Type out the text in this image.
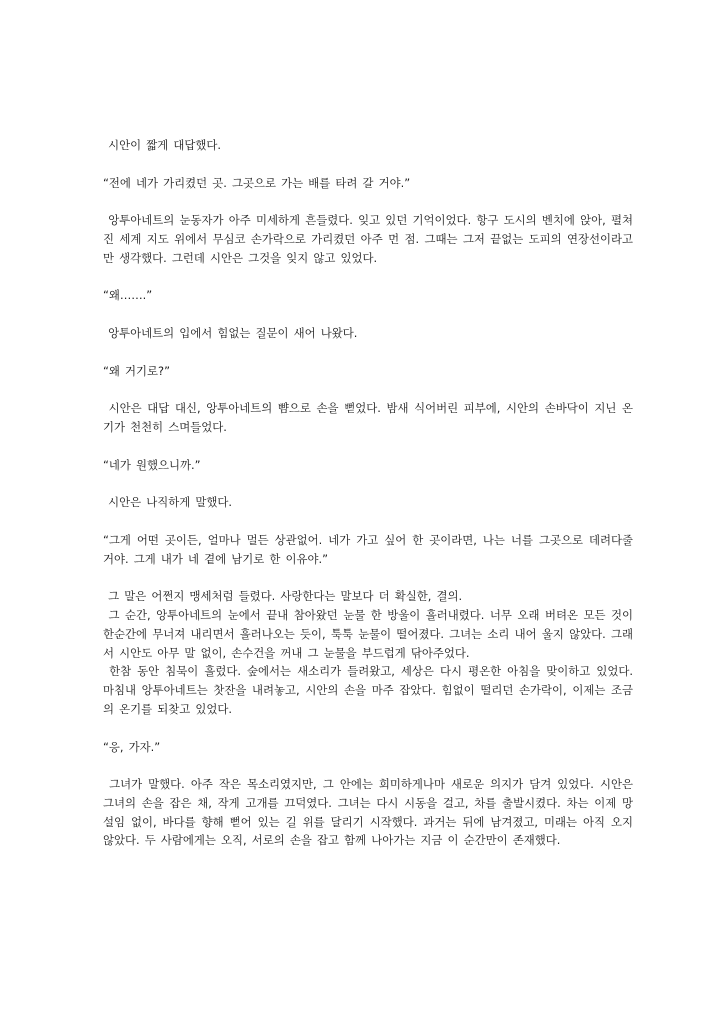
시안이 짧게 대답했다.

“전에 네가 가리켰던 곳. 그곳으로 가는 배를 타려 갈 거야.”

앙투아네트의 눈동자가 아주 미세하게 흔들렸다. 잊고 있던 기억이었다. 항구 도시의 벤치에 앉아, 펼쳐진 세계 지도 위에서 무심코 손가락으로 가리켰던 아주 먼 점. 그때는 그저 끝없는 도피의 연장선이라고만 생각했다. 그런데 시안은 그것을 잊지 않고 있었다.

“왜…….”

앙투아네트의 입에서 힘없는 질문이 새어 나왔다.

“왜 거기로?”

시안은 대답 대신, 앙투아네트의 뺨으로 손을 뻗었다. 밤새 식어버린 피부에, 시안의 손바닥이 지닌 온기가 천천히 스며들었다.

“네가 원했으니까.”

시안은 나직하게 말했다.

“그게 어떤 곳이든, 얼마나 멀든 상관없어. 네가 가고 싶어 한 곳이라면, 나는 너를 그곳으로 데려다줄 거야. 그게 내가 네 곁에 남기로 한 이유야.”

그 말은 어쩐지 맹세처럼 들렸다. 사랑한다는 말보다 더 확실한, 결의.
그 순간, 앙투아네트의 눈에서 끝내 참아왔던 눈물 한 방울이 흘러내렸다. 너무 오래 버텨온 모든 것이 한순간에 무너져 내리면서 흘러나오는 듯이, 툭툭 눈물이 떨어졌다. 그녀는 소리 내어 울지 않았다. 그래서 시안도 아무 말 없이, 손수건을 꺼내 그 눈물을 부드럽게 닦아주었다.
한참 동안 침묵이 흘렀다. 숲에서는 새소리가 들려왔고, 세상은 다시 평온한 아침을 맞이하고 있었다. 마침내 앙투아네트는 찻잔을 내려놓고, 시안의 손을 마주 잡았다. 힘없이 떨리던 손가락이, 이제는 조금의 온기를 되찾고 있었다.

“응, 가자.”

그녀가 말했다. 아주 작은 목소리였지만, 그 안에는 희미하게나마 새로운 의지가 담겨 있었다. 시안은 그녀의 손을 잡은 채, 작게 고개를 끄덕였다. 그녀는 다시 시동을 걸고, 차를 출발시켰다. 차는 이제 망설임 없이, 바다를 향해 뻗어 있는 길 위를 달리기 시작했다. 과거는 뒤에 남겨졌고, 미래는 아직 오지 않았다. 두 사람에게는 오직, 서로의 손을 잡고 함께 나아가는 지금 이 순간만이 존재했다.
